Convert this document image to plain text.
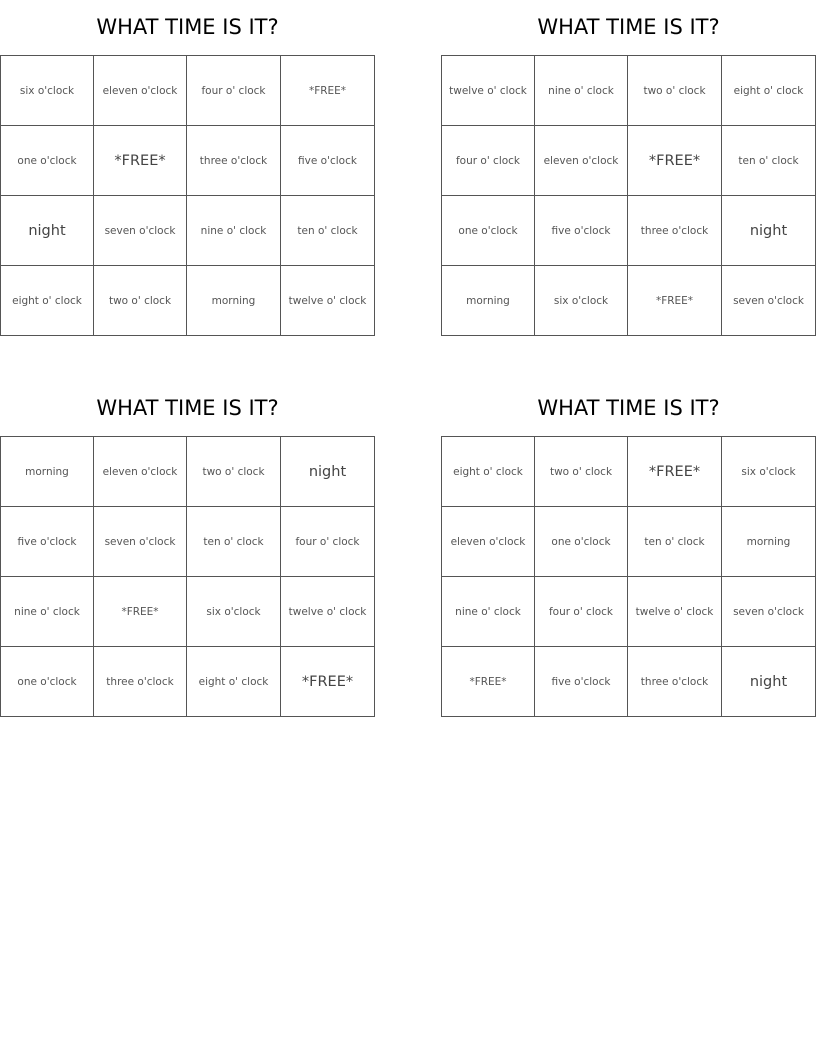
WHAT TIME IS IT?
six o'clock	eleven o'clock	four o' clock	*FREE*
one o'clock	*FREE*	three o'clock	five o'clock
night	seven o'clock	nine o' clock	ten o' clock
eight o' clock	two o' clock	morning	twelve o' clock
WHAT TIME IS IT?
twelve o' clock	nine o' clock	two o' clock	eight o' clock
four o' clock	eleven o'clock	*FREE*	ten o' clock
one o'clock	five o'clock	three o'clock	night
morning	six o'clock	*FREE*	seven o'clock
WHAT TIME IS IT?
morning	eleven o'clock	two o' clock	night
five o'clock	seven o'clock	ten o' clock	four o' clock
nine o' clock	*FREE*	six o'clock	twelve o' clock
one o'clock	three o'clock	eight o' clock	*FREE*
WHAT TIME IS IT?
eight o' clock	two o' clock	*FREE*	six o'clock
eleven o'clock	one o'clock	ten o' clock	morning
nine o' clock	four o' clock	twelve o' clock	seven o'clock
*FREE*	five o'clock	three o'clock	night
